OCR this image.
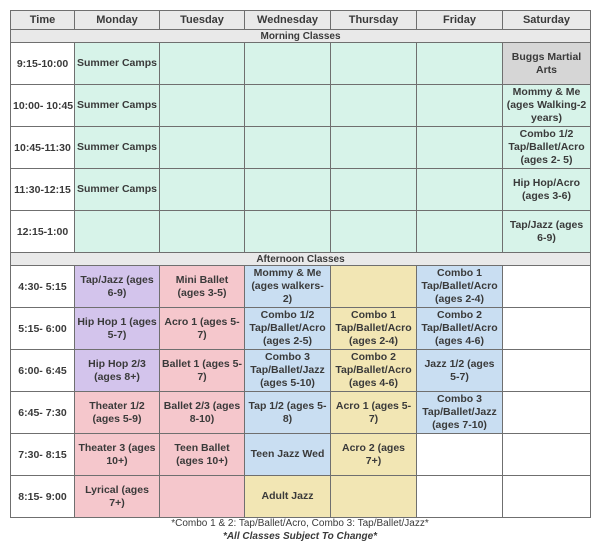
Time	Monday	Tuesday	Wednesday	Thursday	Friday	Saturday
Morning Classes						
9:15-10:00	Summer Camps					Buggs Martial Arts
10:00- 10:45	Summer Camps					Mommy & Me (ages Walking-2 years)
10:45-11:30	Summer Camps					Combo 1/2 Tap/Ballet/Acro (ages 2- 5)
11:30-12:15	Summer Camps					Hip Hop/Acro (ages 3-6)
12:15-1:00						Tap/Jazz (ages 6-9)
Afternoon Classes						
4:30- 5:15	Tap/Jazz (ages 6-9)	Mini Ballet (ages 3-5)	Mommy & Me (ages walkers- 2)		Combo 1 Tap/Ballet/Acro (ages 2-4)	
5:15- 6:00	Hip Hop 1 (ages 5-7)	Acro 1 (ages 5-7)	Combo 1/2 Tap/Ballet/Acro (ages 2-5)	Combo 1 Tap/Ballet/Acro (ages 2-4)	Combo 2 Tap/Ballet/Acro (ages 4-6)	
6:00- 6:45	Hip Hop 2/3 (ages 8+)	Ballet 1 (ages 5-7)	Combo 3 Tap/Ballet/Jazz (ages 5-10)	Combo 2 Tap/Ballet/Acro (ages 4-6)	Jazz 1/2 (ages 5-7)	
6:45- 7:30	Theater 1/2 (ages 5-9)	Ballet 2/3 (ages 8-10)	Tap 1/2 (ages 5-8)	Acro 1 (ages 5-7)	Combo 3 Tap/Ballet/Jazz (ages 7-10)	
7:30- 8:15	Theater 3 (ages 10+)	Teen Ballet (ages 10+)	Teen Jazz Wed	Acro 2 (ages 7+)		
8:15- 9:00	Lyrical (ages 7+)		Adult Jazz			
*Combo 1 & 2: Tap/Ballet/Acro, Combo 3: Tap/Ballet/Jazz*
*All Classes Subject To Change*
